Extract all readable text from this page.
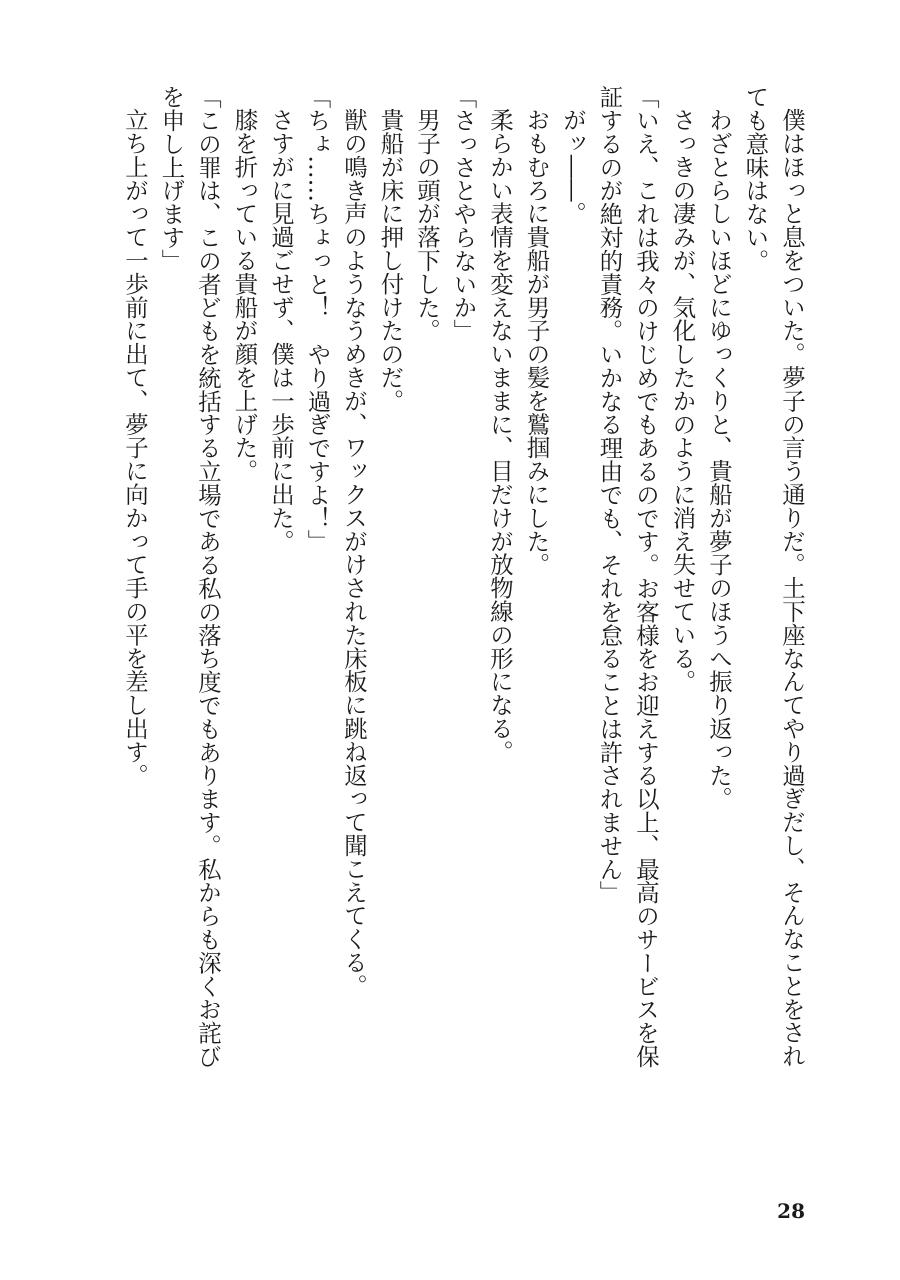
僕はほっと息をついた。夢子の言う通りだ。土下座なんてやり過ぎだし、そんなことをされ
ても意味はない。
わざとらしいほどにゆっくりと、貴船が夢子のほうへ振り返った。
さっきの凄みが、気化したかのように消え失せている。
「いえ、これは我々のけじめでもあるのです。お客様をお迎えする以上、最高のサービスを保
証するのが絶対的責務。いかなる理由でも、それを怠ることは許されません」
がッ――。
おもむろに貴船が男子の髪を鷲掴みにした。
柔らかい表情を変えないままに、目だけが放物線の形になる。
「さっさとやらないか」
男子の頭が落下した。
貴船が床に押し付けたのだ。
獣の鳴き声のようなうめきが、ワックスがけされた床板に跳ね返って聞こえてくる。
「ちょ……ちょっと！　やり過ぎですよ！」
さすがに見過ごせず、僕は一歩前に出た。
膝を折っている貴船が顔を上げた。
「この罪は、この者どもを統括する立場である私の落ち度でもあります。私からも深くお詫び
を申し上げます」
立ち上がって一歩前に出て、夢子に向かって手の平を差し出す。
28
